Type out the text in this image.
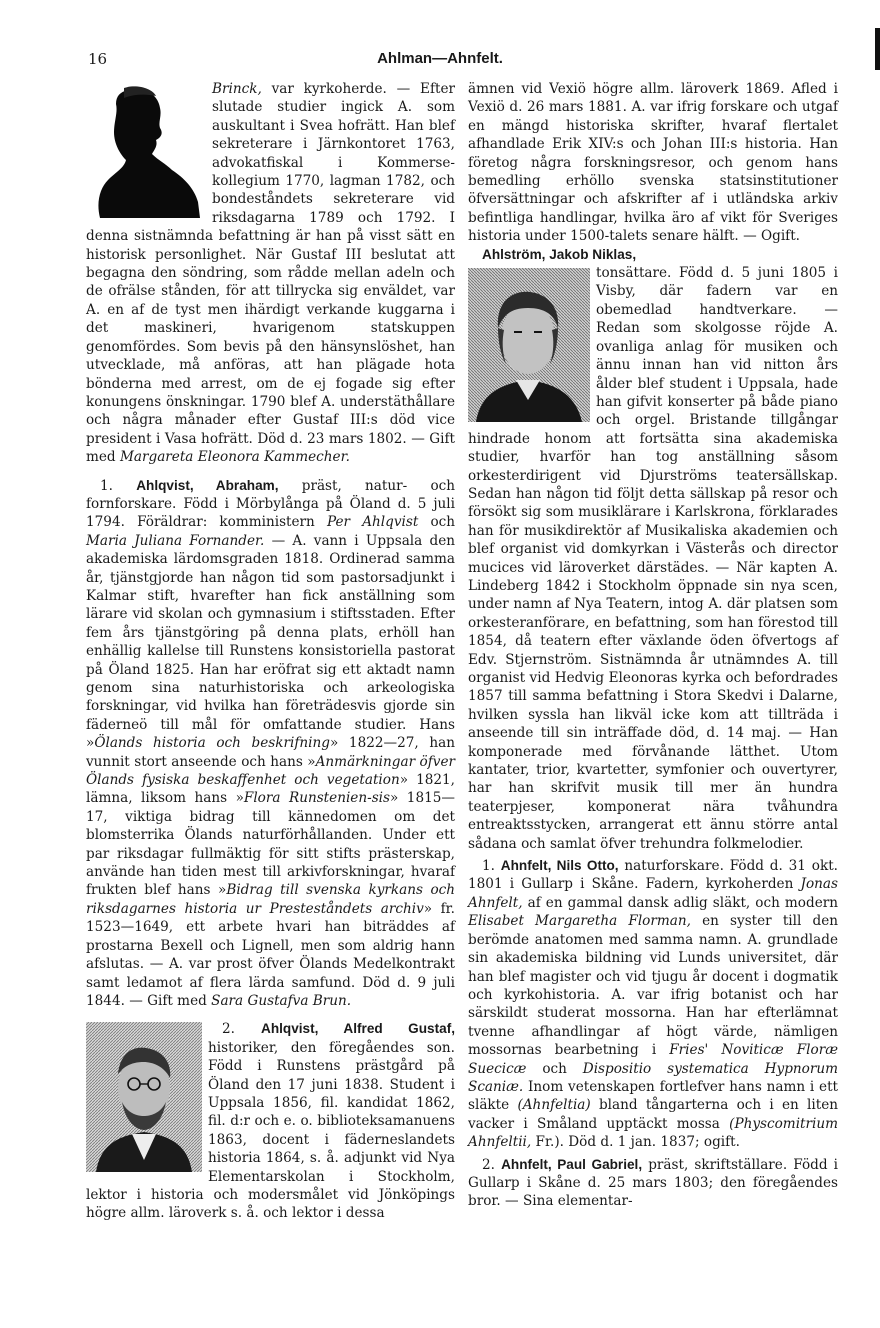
16	Ahlman—Ahnfelt.

Brinck, var kyrkoherde. — Efter slutade studier ingick A. som auskultant i Svea hofrätt. Han blef sekreterare i Järnkontoret 1763, advokatfiskal i Kommerse-kollegium 1770, lagman 1782, och bondeståndets sekreterare vid riksdagarna 1789 och 1792. I denna sistnämnda befattning är han på visst sätt en historisk personlighet. När Gustaf III beslutat att begagna den söndring, som rådde mellan adeln och de ofrälse stånden, för att tillrycka sig enväldet, var A. en af de tyst men ihärdigt verkande kuggarna i det maskineri, hvarigenom statskuppen genomfördes. Som bevis på den hänsynslöshet, han utvecklade, må anföras, att han plägade hota bönderna med arrest, om de ej fogade sig efter konungens önskningar. 1790 blef A. understäthållare och några månader efter Gustaf III:s död vice president i Vasa hofrätt. Död d. 23 mars 1802. — Gift med Margareta Eleonora Kammecher.

1. Ahlqvist, Abraham, präst, natur- och fornforskare. Född i Mörbylånga på Öland d. 5 juli 1794. Föräldrar: komministern Per Ahlqvist och Maria Juliana Fornander. — A. vann i Uppsala den akademiska lärdomsgraden 1818. Ordinerad samma år, tjänstgjorde han någon tid som pastorsadjunkt i Kalmar stift, hvarefter han fick anställning som lärare vid skolan och gymnasium i stiftsstaden. Efter fem års tjänstgöring på denna plats, erhöll han enhällig kallelse till Runstens konsistoriella pastorat på Öland 1825. Han har eröfrat sig ett aktadt namn genom sina naturhistoriska och arkeologiska forskningar, vid hvilka han företrädesvis gjorde sin fäderneö till mål för omfattande studier. Hans »Ölands historia och beskrifning» 1822—27, han vunnit stort anseende och hans »Anmärkningar öfver Ölands fysiska beskaffenhet och vegetation» 1821, lämna, liksom hans »Flora Runstenien-sis» 1815—17, viktiga bidrag till kännedomen om det blomsterrika Ölands naturförhållanden. Under ett par riksdagar fullmäktig för sitt stifts prästerskap, använde han tiden mest till arkivforskningar, hvaraf frukten blef hans »Bidrag till svenska kyrkans och riksdagarnes historia ur Presteståndets archiv» fr. 1523—1649, ett arbete hvari han biträddes af prostarna Bexell och Lignell, men som aldrig hann afslutas. — A. var prost öfver Ölands Medelkontrakt samt ledamot af flera lärda samfund. Död d. 9 juli 1844. — Gift med Sara Gustafva Brun.

2. Ahlqvist, Alfred Gustaf, historiker, den föregåendes son. Född i Runstens prästgård på Öland den 17 juni 1838. Student i Uppsala 1856, fil. kandidat 1862, fil. d:r och e. o. biblioteksamanuens 1863, docent i fäderneslandets historia 1864, s. å. adjunkt vid Nya Elementarskolan i Stockholm, lektor i historia och modersmålet vid Jönköpings högre allm. läroverk s. å. och lektor i dessa

ämnen vid Vexiö högre allm. läroverk 1869. Afled i Vexiö d. 26 mars 1881. A. var ifrig forskare och utgaf en mängd historiska skrifter, hvaraf flertalet afhandlade Erik XIV:s och Johan III:s historia. Han företog några forskningsresor, och genom hans bemedling erhöllo svenska statsinstitutioner öfversättningar och afskrifter af i utländska arkiv befintliga handlingar, hvilka äro af vikt för Sveriges historia under 1500-talets senare hälft. — Ogift.

Ahlström, Jakob Niklas,

tonsättare. Född d. 5 juni 1805 i Visby, där fadern var en obemedlad handtverkare. — Redan som skolgosse röjde A. ovanliga anlag för musiken och ännu innan han vid nitton års ålder blef student i Uppsala, hade han gifvit konserter på både piano och orgel. Bristande tillgångar hindrade honom att fortsätta sina akademiska studier, hvarför han tog anställning såsom orkesterdirigent vid Djurströms teatersällskap. Sedan han någon tid följt detta sällskap på resor och försökt sig som musiklärare i Karlskrona, förklarades han för musikdirektör af Musikaliska akademien och blef organist vid domkyrkan i Västerås och director mucices vid läroverket därstädes. — När kapten A. Lindeberg 1842 i Stockholm öppnade sin nya scen, under namn af Nya Teatern, intog A. där platsen som orkesteranförare, en befattning, som han förestod till 1854, då teatern efter växlande öden öfvertogs af Edv. Stjernström. Sistnämnda år utnämndes A. till organist vid Hedvig Eleonoras kyrka och befordrades 1857 till samma befattning i Stora Skedvi i Dalarne, hvilken syssla han likväl icke kom att tillträda i anseende till sin inträffade död, d. 14 maj. — Han komponerade med förvånande lätthet. Utom kantater, trior, kvartetter, symfonier och ouvertyrer, har han skrifvit musik till mer än hundra teaterpjeser, komponerat nära tvåhundra entreaktsstycken, arrangerat ett ännu större antal sådana och samlat öfver trehundra folkmelodier.

1. Ahnfelt, Nils Otto, naturforskare. Född d. 31 okt. 1801 i Gullarp i Skåne. Fadern, kyrkoherden Jonas Ahnfelt, af en gammal dansk adlig släkt, och modern Elisabet Margaretha Florman, en syster till den berömde anatomen med samma namn. A. grundlade sin akademiska bildning vid Lunds universitet, där han blef magister och vid tjugu år docent i dogmatik och kyrkohistoria. A. var ifrig botanist och har särskildt studerat mossorna. Han har efterlämnat tvenne afhandlingar af högt värde, nämligen mossornas bearbetning i Fries' Noviticæ Floræ Suecicæ och Dispositio systematica Hypnorum Scaniæ. Inom vetenskapen fortlefver hans namn i ett släkte (Ahnfeltia) bland tångarterna och i en liten vacker i Småland upptäckt mossa (Physcomitrium Ahnfeltii, Fr.). Död d. 1 jan. 1837; ogift.

2. Ahnfelt, Paul Gabriel, präst, skriftställare. Född i Gullarp i Skåne d. 25 mars 1803; den föregåendes bror. — Sina elementar-
